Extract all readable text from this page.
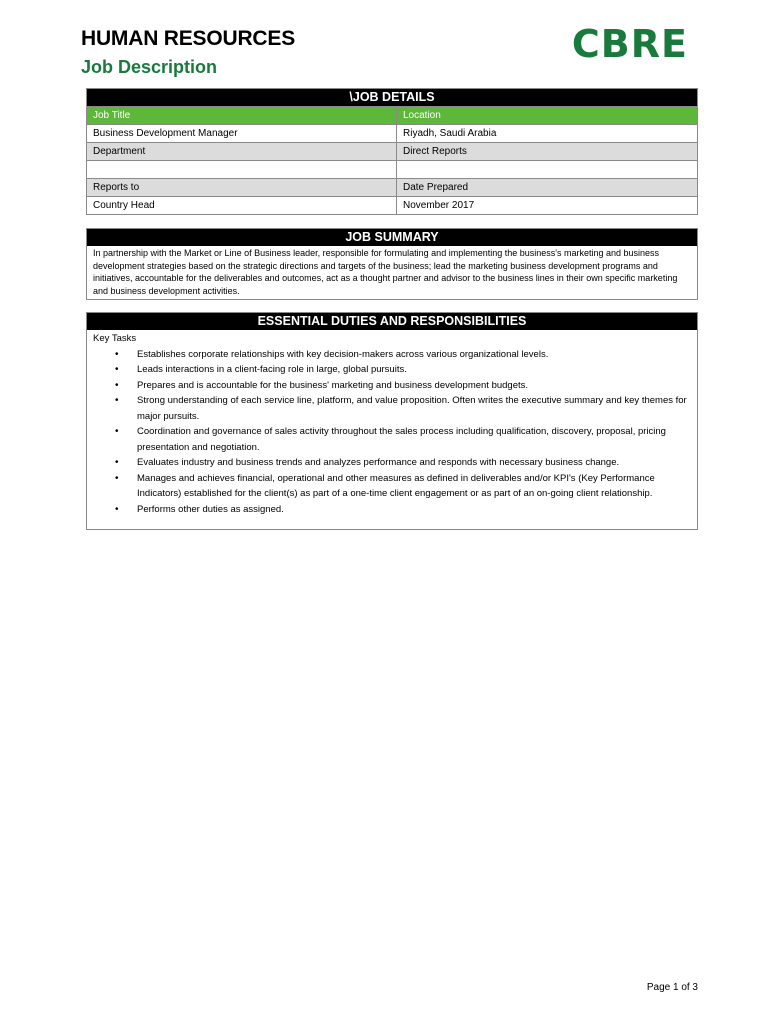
HUMAN RESOURCES
Job Description
CBRE
\JOB DETAILS
Job Title	Location
Business Development Manager	Riyadh, Saudi Arabia
Department	Direct Reports

Reports to	Date Prepared
Country Head	November 2017
JOB SUMMARY
In partnership with the Market or Line of Business leader, responsible for formulating and implementing the business's marketing and business development strategies based on the strategic directions and targets of the business; lead the marketing business development programs and initiatives, accountable for the deliverables and outcomes, act as a thought partner and advisor to the business lines in their own specific marketing and business development activities.
ESSENTIAL DUTIES AND RESPONSIBILITIES
Key Tasks
• Establishes corporate relationships with key decision-makers across various organizational levels.
• Leads interactions in a client-facing role in large, global pursuits.
• Prepares and is accountable for the business' marketing and business development budgets.
• Strong understanding of each service line, platform, and value proposition. Often writes the executive summary and key themes for major pursuits.
• Coordination and governance of sales activity throughout the sales process including qualification, discovery, proposal, pricing presentation and negotiation.
• Evaluates industry and business trends and analyzes performance and responds with necessary business change.
• Manages and achieves financial, operational and other measures as defined in deliverables and/or KPI's (Key Performance Indicators) established for the client(s) as part of a one-time client engagement or as part of an on-going client relationship.
• Performs other duties as assigned.
Page 1 of 3
